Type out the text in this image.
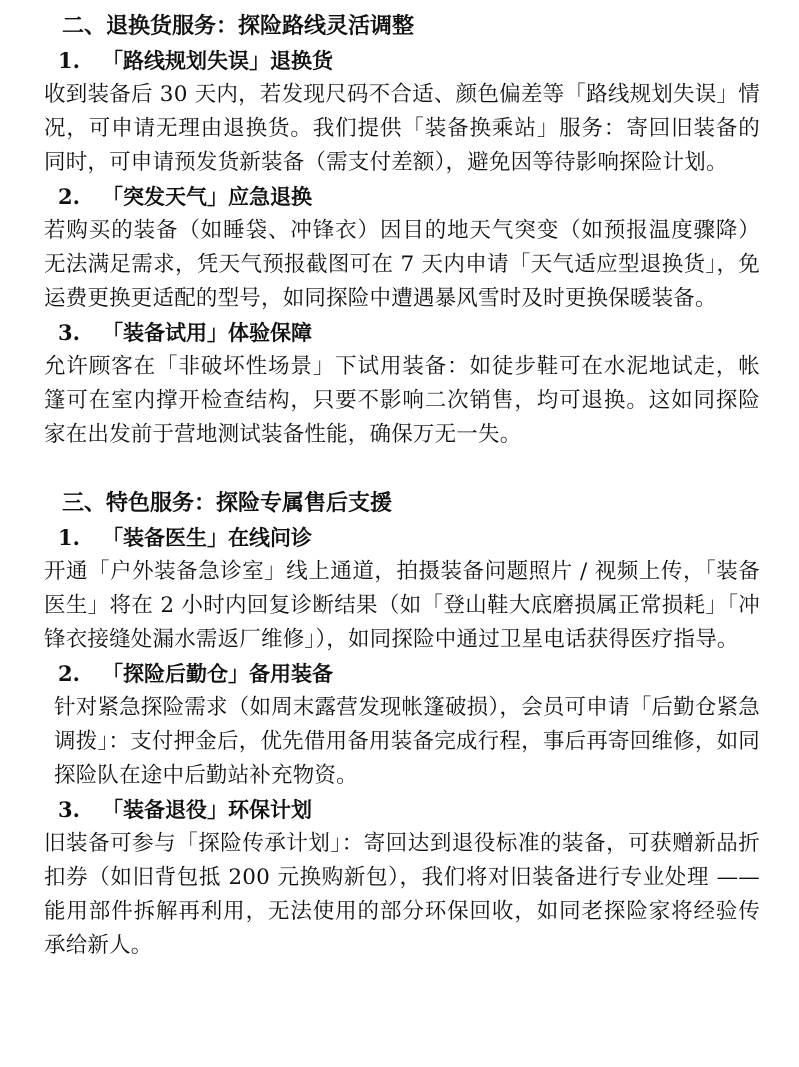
二、退换货服务：探险路线灵活调整
1. 「路线规划失误」退换货

收到装备后 30 天内，若发现尺码不合适、颜色偏差等「路线规划失误」情况，可申请无理由退换货。我们提供「装备换乘站」服务：寄回旧装备的同时，可申请预发货新装备（需支付差额），避免因等待影响探险计划。

2. 「突发天气」应急退换

若购买的装备（如睡袋、冲锋衣）因目的地天气突变（如预报温度骤降）无法满足需求，凭天气预报截图可在 7 天内申请「天气适应型退换货」，免运费更换更适配的型号，如同探险中遭遇暴风雪时及时更换保暖装备。

3. 「装备试用」体验保障

允许顾客在「非破坏性场景」下试用装备：如徒步鞋可在水泥地试走，帐篷可在室内撑开检查结构，只要不影响二次销售，均可退换。这如同探险家在出发前于营地测试装备性能，确保万无一失。

三、特色服务：探险专属售后支援
1. 「装备医生」在线问诊

开通「户外装备急诊室」线上通道，拍摄装备问题照片 / 视频上传，「装备医生」将在 2 小时内回复诊断结果（如「登山鞋大底磨损属正常损耗」「冲锋衣接缝处漏水需返厂维修」），如同探险中通过卫星电话获得医疗指导。

2. 「探险后勤仓」备用装备

针对紧急探险需求（如周末露营发现帐篷破损），会员可申请「后勤仓紧急调拨」：支付押金后，优先借用备用装备完成行程，事后再寄回维修，如同探险队在途中后勤站补充物资。

3. 「装备退役」环保计划

旧装备可参与「探险传承计划」：寄回达到退役标准的装备，可获赠新品折扣券（如旧背包抵 200 元换购新包），我们将对旧装备进行专业处理 —— 能用部件拆解再利用，无法使用的部分环保回收，如同老探险家将经验传承给新人。
